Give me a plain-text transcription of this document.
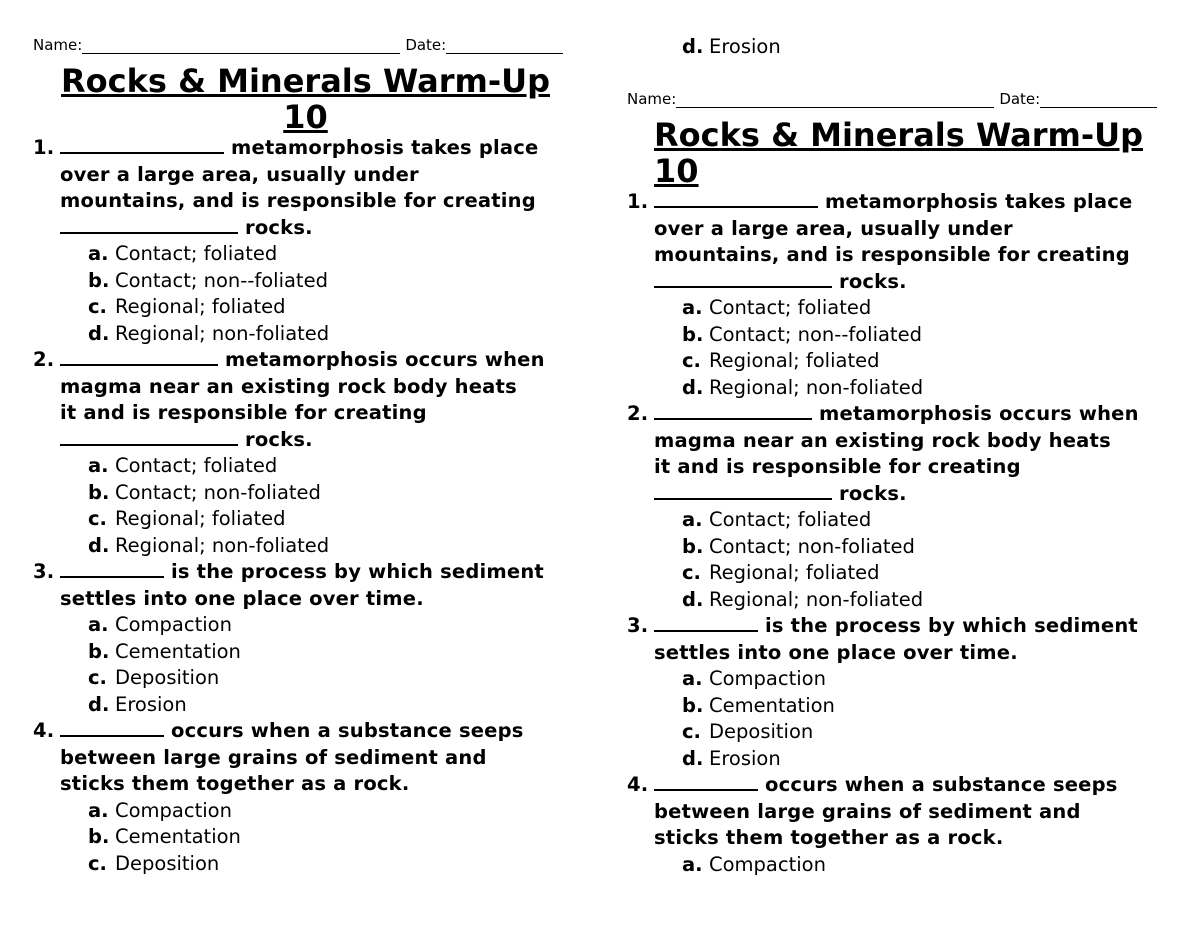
Name:	Date:
Rocks & Minerals Warm-Up
10
1.	metamorphosis takes place
over a large area, usually under
mountains, and is responsible for creating
rocks.
a. Contact; foliated
b. Contact; non--foliated
c. Regional; foliated
d. Regional; non-foliated
2.	metamorphosis occurs when
magma near an existing rock body heats
it and is responsible for creating
rocks.
a. Contact; foliated
b. Contact; non-foliated
c. Regional; foliated
d. Regional; non-foliated
3.	is the process by which sediment
settles into one place over time.
a. Compaction
b. Cementation
c. Deposition
d. Erosion
4.	occurs when a substance seeps
between large grains of sediment and
sticks them together as a rock.
a. Compaction
b. Cementation
c. Deposition
d. Erosion
Name:	Date:
Rocks & Minerals Warm-Up
10
1.	metamorphosis takes place
over a large area, usually under
mountains, and is responsible for creating
rocks.
a. Contact; foliated
b. Contact; non--foliated
c. Regional; foliated
d. Regional; non-foliated
2.	metamorphosis occurs when
magma near an existing rock body heats
it and is responsible for creating
rocks.
a. Contact; foliated
b. Contact; non-foliated
c. Regional; foliated
d. Regional; non-foliated
3.	is the process by which sediment
settles into one place over time.
a. Compaction
b. Cementation
c. Deposition
d. Erosion
4.	occurs when a substance seeps
between large grains of sediment and
sticks them together as a rock.
a. Compaction
